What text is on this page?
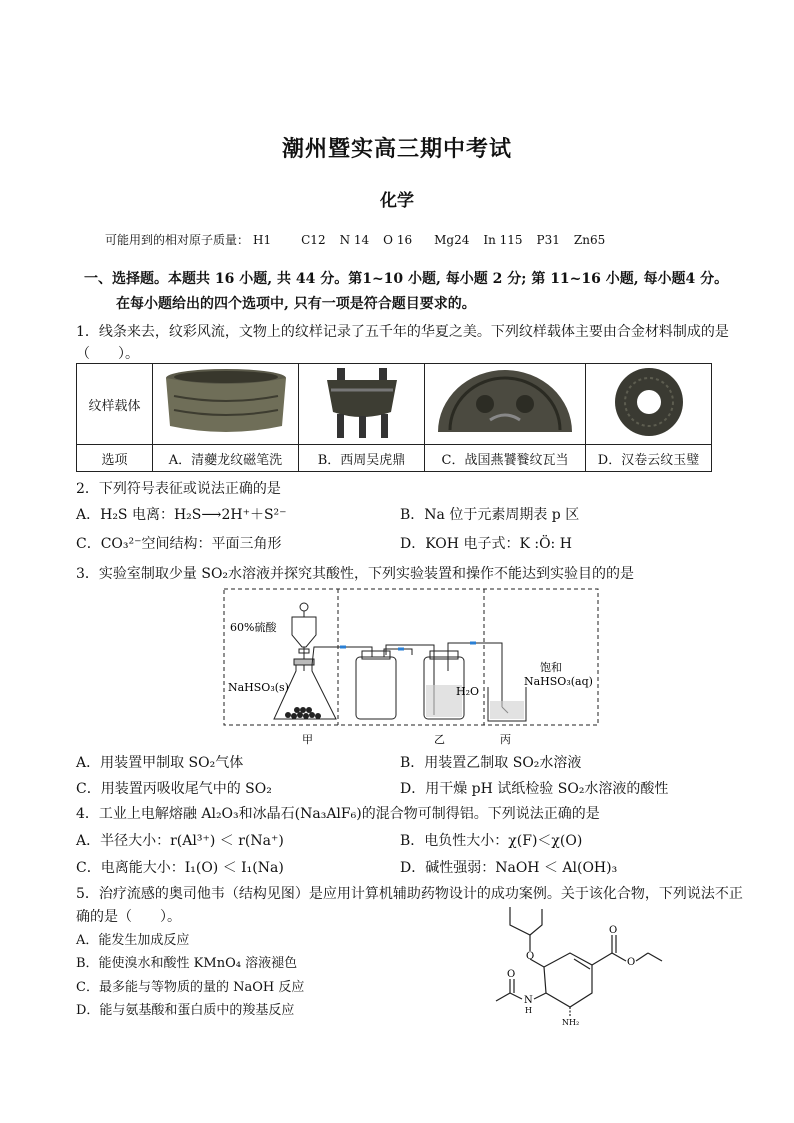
潮州暨实高三期中考试
化学
可能用到的相对原子质量： H1	C12 N 14 O 16 Mg24 In 115 P31 Zn65
一、选择题。本题共 16 小题, 共 44 分。第1~10 小题, 每小题 2 分; 第 11~16 小题, 每小题4 分。
在每小题给出的四个选项中, 只有一项是符合题目要求的。
1．线条来去，纹彩风流，文物上的纹样记录了五千年的华夏之美。下列纹样载体主要由合金材料制成的是
（　　）。
纹样载体				
选项	A．清蘷龙纹磁笔洗	B．西周吴虎鼎	C．战国燕饕餮纹瓦当	D．汉卷云纹玉璧
2．下列符号表征或说法正确的是
A．H₂S 电离：H₂S⟶2H⁺＋S²⁻	B．Na 位于元素周期表 p 区
C．CO₃²⁻空间结构：平面三角形	D．KOH 电子式：K :Ö: H
3．实验室制取少量 SO₂水溶液并探究其酸性，下列实验装置和操作不能达到实验目的的是
60%硫酸
NaHSO₃(s)	H₂O
饱和
NaHSO₃(aq)
甲	乙	丙
A．用装置甲制取 SO₂气体	B．用装置乙制取 SO₂水溶液
C．用装置丙吸收尾气中的 SO₂	D．用干燥 pH 试纸检验 SO₂水溶液的酸性
4．工业上电解熔融 Al₂O₃和冰晶石(Na₃AlF₆)的混合物可制得铝。下列说法正确的是
A．半径大小：r(Al³⁺) ＜ r(Na⁺)	B．电负性大小：χ(F)＜χ(O)
C．电离能大小：I₁(O) ＜ I₁(Na)	D．碱性强弱：NaOH ＜ Al(OH)₃
5．治疗流感的奥司他韦（结构见图）是应用计算机辅助药物设计的成功案例。关于该化合物，下列说法不正
确的是（　　）。
A．能发生加成反应
B．能使溴水和酸性 KMnO₄ 溶液褪色
C．最多能与等物质的量的 NaOH 反应
D．能与氨基酸和蛋白质中的羧基反应
O
O
O
O
N
H
NH₂
